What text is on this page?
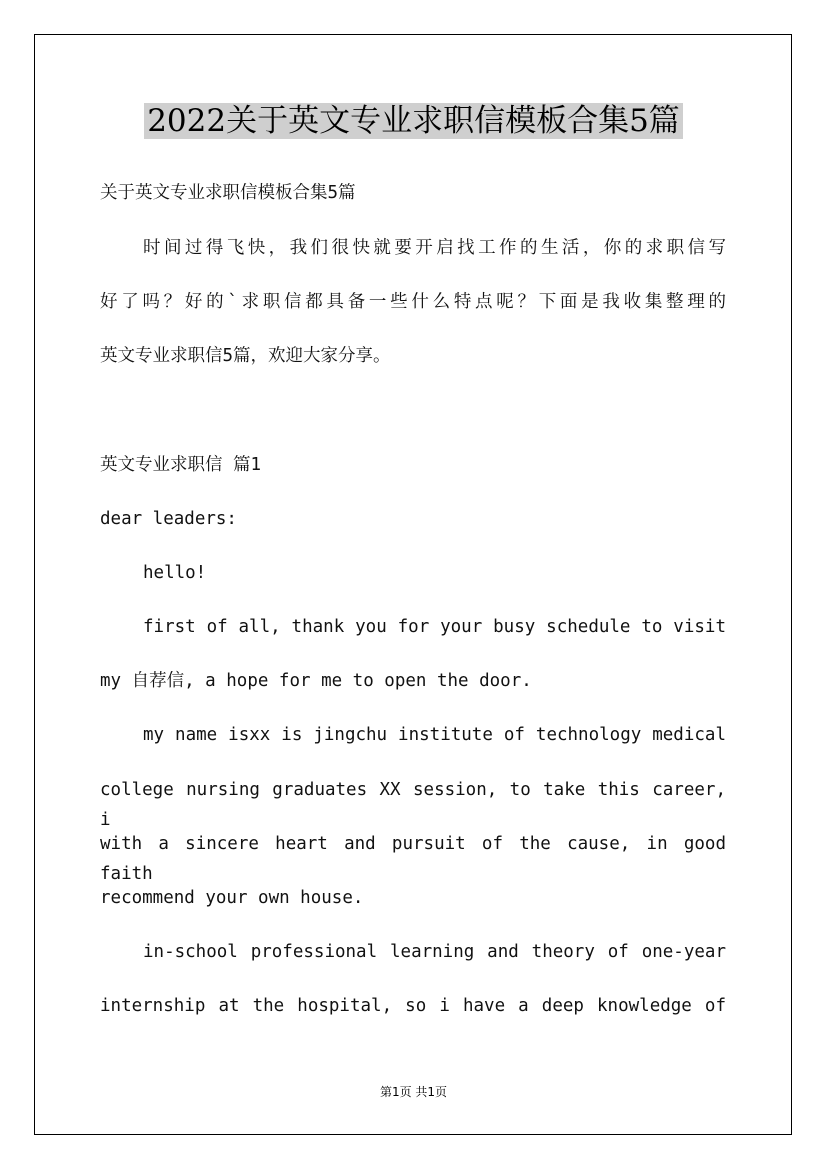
2022关于英文专业求职信模板合集5篇
关于英文专业求职信模板合集5篇
时间过得飞快，我们很快就要开启找工作的生活，你的求职信写
好了吗？好的`求职信都具备一些什么特点呢？下面是我收集整理的
英文专业求职信5篇，欢迎大家分享。
英文专业求职信 篇1
dear leaders:
hello!
first of all, thank you for your busy schedule to visit
my 自荐信, a hope for me to open the door.
my name isxx is jingchu institute of technology medical
college nursing graduates XX session, to take this career, i
with a sincere heart and pursuit of the cause, in good faith
recommend your own house.
in-school professional learning and theory of one-year
internship at the hospital, so i have a deep knowledge of
第1页 共1页
